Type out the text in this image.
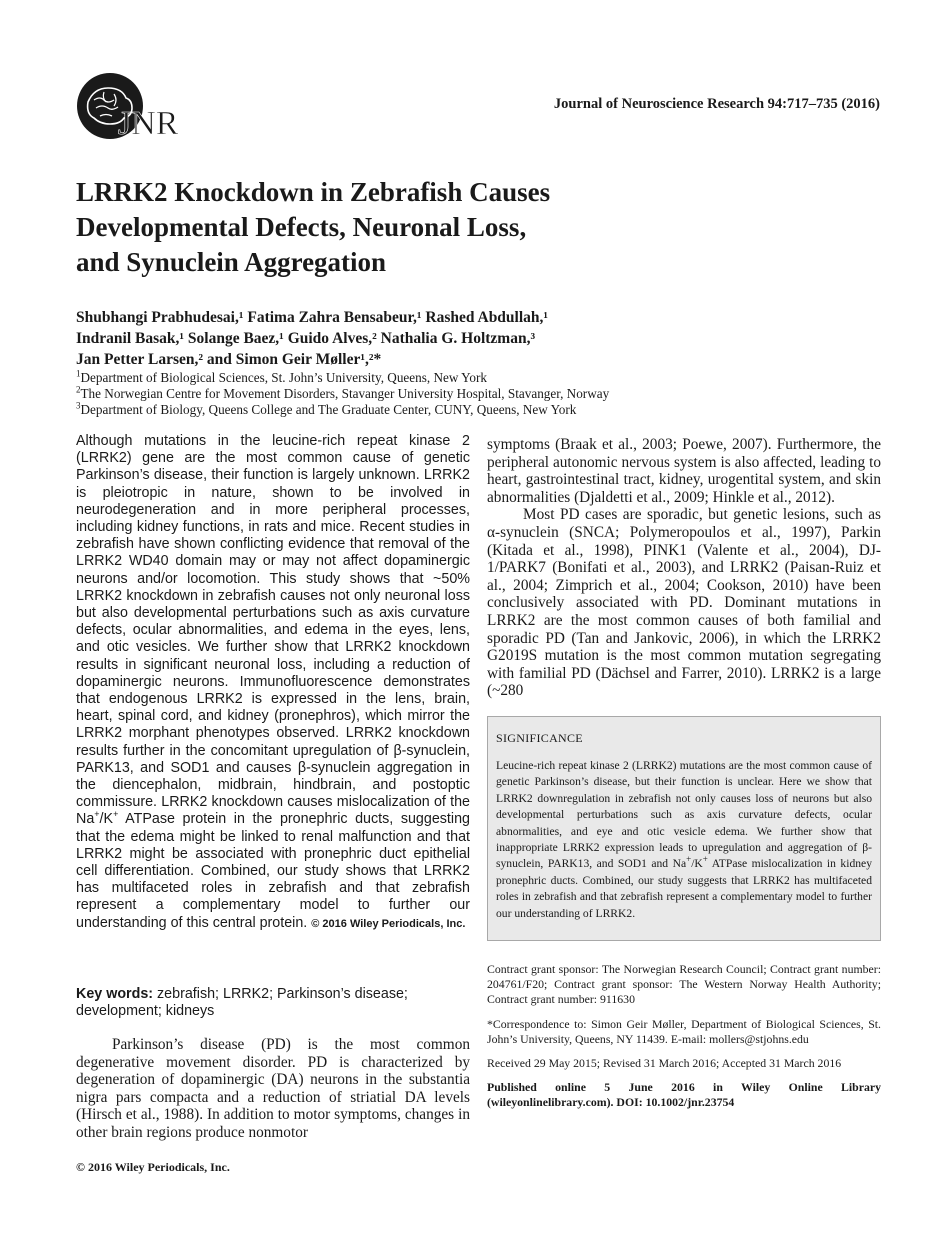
JNR
Journal of Neuroscience Research 94:717–735 (2016)
LRRK2 Knockdown in Zebrafish Causes
Developmental Defects, Neuronal Loss,
and Synuclein Aggregation
Shubhangi Prabhudesai,¹ Fatima Zahra Bensabeur,¹ Rashed Abdullah,¹
Indranil Basak,¹ Solange Baez,¹ Guido Alves,² Nathalia G. Holtzman,³
Jan Petter Larsen,² and Simon Geir Møller¹,²*
$^1$Department of Biological Sciences, St. John’s University, Queens, New York
$^2$The Norwegian Centre for Movement Disorders, Stavanger University Hospital, Stavanger, Norway
$^3$Department of Biology, Queens College and The Graduate Center, CUNY, Queens, New York
Although mutations in the leucine-rich repeat kinase 2 (LRRK2) gene are the most common cause of genetic Parkinson’s disease, their function is largely unknown. LRRK2 is pleiotropic in nature, shown to be involved in neurodegeneration and in more peripheral processes, including kidney functions, in rats and mice. Recent studies in zebrafish have shown conflicting evidence that removal of the LRRK2 WD40 domain may or may not affect dopaminergic neurons and/or locomotion. This study shows that ~50% LRRK2 knockdown in zebrafish causes not only neuronal loss but also developmental perturbations such as axis curvature defects, ocular abnormalities, and edema in the eyes, lens, and otic vesicles. We further show that LRRK2 knockdown results in significant neuronal loss, including a reduction of dopaminergic neurons. Immunofluorescence demonstrates that endogenous LRRK2 is expressed in the lens, brain, heart, spinal cord, and kidney (pronephros), which mirror the LRRK2 morphant phenotypes observed. LRRK2 knockdown results further in the concomitant upregulation of β-synuclein, PARK13, and SOD1 and causes β-synuclein aggregation in the diencephalon, midbrain, hindbrain, and postoptic commissure. LRRK2 knockdown causes mislocalization of the Na+/K+ ATPase protein in the pronephric ducts, suggesting that the edema might be linked to renal malfunction and that LRRK2 might be associated with pronephric duct epithelial cell differentiation. Combined, our study shows that LRRK2 has multifaceted roles in zebrafish and that zebrafish represent a complementary model to further our understanding of this central protein. © 2016 Wiley Periodicals, Inc.
Key words: zebrafish; LRRK2; Parkinson’s disease; development; kidneys
Parkinson’s disease (PD) is the most common degenerative movement disorder. PD is characterized by degeneration of dopaminergic (DA) neurons in the substantia nigra pars compacta and a reduction of striatial DA levels (Hirsch et al., 1988). In addition to motor symptoms, changes in other brain regions produce nonmotor
© 2016 Wiley Periodicals, Inc.

symptoms (Braak et al., 2003; Poewe, 2007). Furthermore, the peripheral autonomic nervous system is also affected, leading to heart, gastrointestinal tract, kidney, urogentital system, and skin abnormalities (Djaldetti et al., 2009; Hinkle et al., 2012).

Most PD cases are sporadic, but genetic lesions, such as α-synuclein (SNCA; Polymeropoulos et al., 1997), Parkin (Kitada et al., 1998), PINK1 (Valente et al., 2004), DJ-1/PARK7 (Bonifati et al., 2003), and LRRK2 (Paisan-Ruiz et al., 2004; Zimprich et al., 2004; Cookson, 2010) have been conclusively associated with PD. Dominant mutations in LRRK2 are the most common causes of both familial and sporadic PD (Tan and Jankovic, 2006), in which the LRRK2 G2019S mutation is the most common mutation segregating with familial PD (Dächsel and Farrer, 2010). LRRK2 is a large (~280

SIGNIFICANCE
Leucine-rich repeat kinase 2 (LRRK2) mutations are the most common cause of genetic Parkinson’s disease, but their function is unclear. Here we show that LRRK2 downregulation in zebrafish not only causes loss of neurons but also developmental perturbations such as axis curvature defects, ocular abnormalities, and eye and otic vesicle edema. We further show that inappropriate LRRK2 expression leads to upregulation and aggregation of β-synuclein, PARK13, and SOD1 and Na+/K+ ATPase mislocalization in kidney pronephric ducts. Combined, our study suggests that LRRK2 has multifaceted roles in zebrafish and that zebrafish represent a complementary model to further our understanding of LRRK2.

Contract grant sponsor: The Norwegian Research Council; Contract grant number: 204761/F20; Contract grant sponsor: The Western Norway Health Authority; Contract grant number: 911630

*Correspondence to: Simon Geir Møller, Department of Biological Sciences, St. John’s University, Queens, NY 11439. E-mail: mollers@stjohns.edu

Received 29 May 2015; Revised 31 March 2016; Accepted 31 March 2016

Published online 5 June 2016 in Wiley Online Library (wileyonlinelibrary.com). DOI: 10.1002/jnr.23754
